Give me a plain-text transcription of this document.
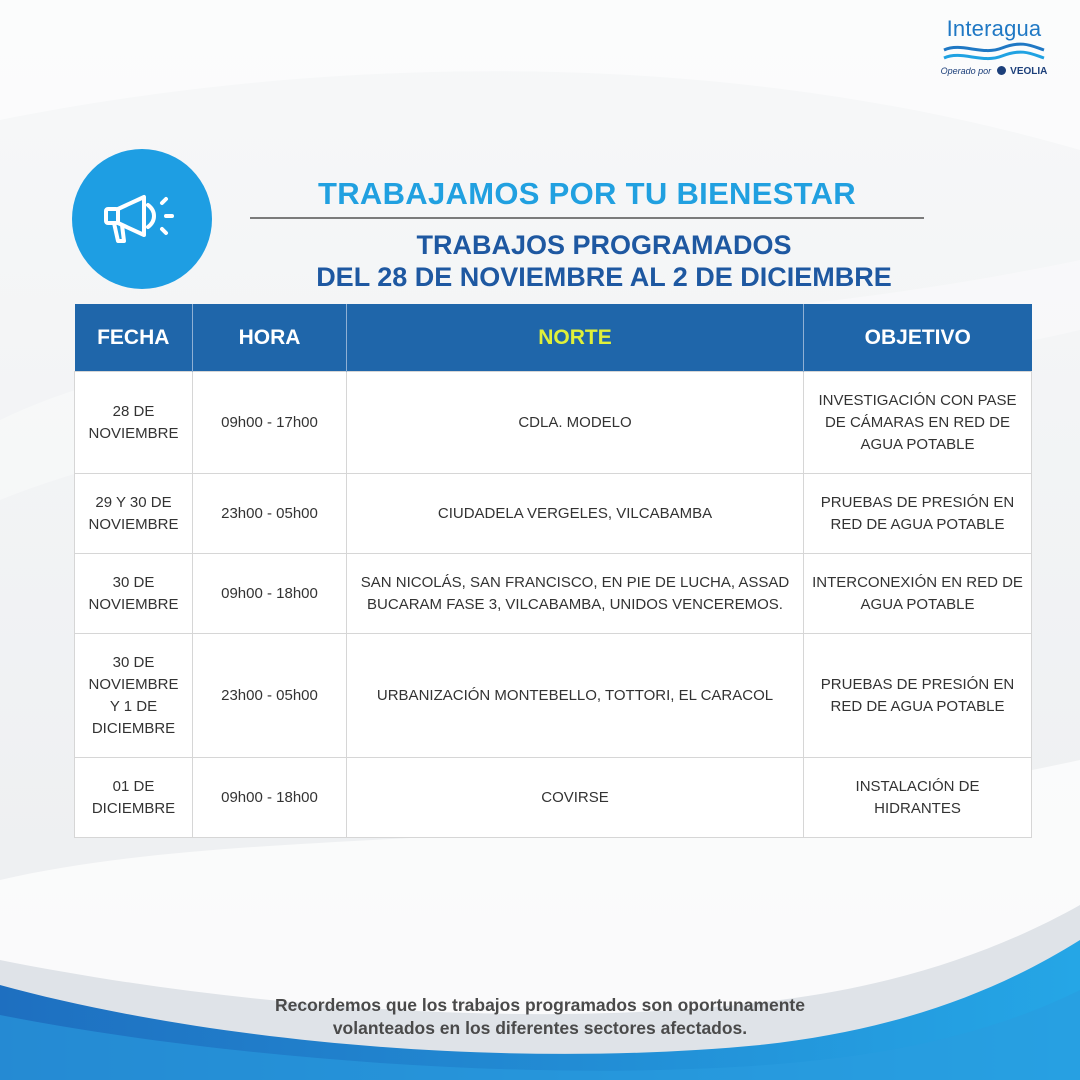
Interagua
Operado por VEOLIA
TRABAJAMOS POR TU BIENESTAR
TRABAJOS PROGRAMADOS
DEL 28 DE NOVIEMBRE AL 2 DE DICIEMBRE
FECHA	HORA	NORTE	OBJETIVO
28 DE NOVIEMBRE	09h00 - 17h00	CDLA. MODELO	INVESTIGACIÓN CON PASE DE CÁMARAS EN RED DE AGUA POTABLE
29 Y 30 DE NOVIEMBRE	23h00 - 05h00	CIUDADELA VERGELES, VILCABAMBA	PRUEBAS DE PRESIÓN EN RED DE AGUA POTABLE
30 DE NOVIEMBRE	09h00 - 18h00	SAN NICOLÁS, SAN FRANCISCO, EN PIE DE LUCHA, ASSAD BUCARAM FASE 3, VILCABAMBA, UNIDOS VENCEREMOS.	INTERCONEXIÓN EN RED DE AGUA POTABLE
30 DE NOVIEMBRE Y 1 DE DICIEMBRE	23h00 - 05h00	URBANIZACIÓN MONTEBELLO, TOTTORI, EL CARACOL	PRUEBAS DE PRESIÓN EN RED DE AGUA POTABLE
01 DE DICIEMBRE	09h00 - 18h00	COVIRSE	INSTALACIÓN DE HIDRANTES
Recordemos que los trabajos programados son oportunamente
volanteados en los diferentes sectores afectados.
